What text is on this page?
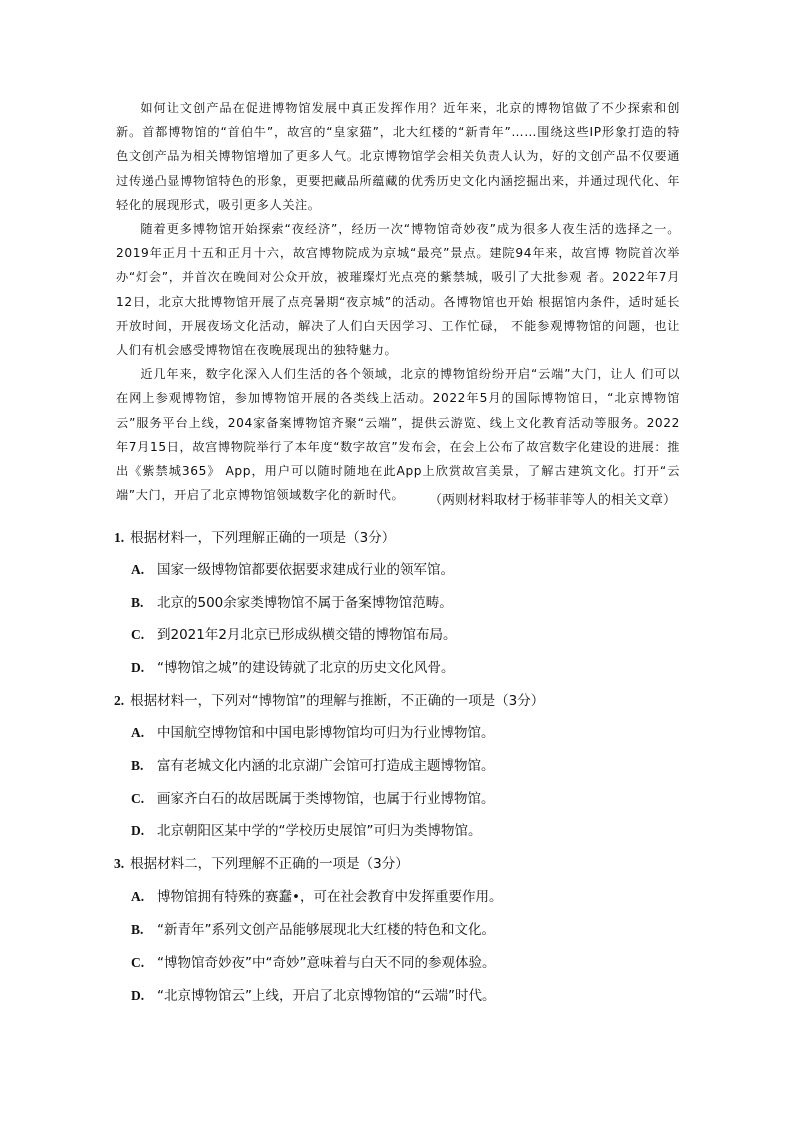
如何让文创产品在促进博物馆发展中真正发挥作用？近年来，北京的博物馆做了不少探索和创新。首都博物馆的“首伯牛”，故宫的“皇家猫”，北大红楼的“新青年”……围绕这些IP形象打造的特色文创产品为相关博物馆增加了更多人气。北京博物馆学会相关负责人认为，好的文创产品不仅要通过传递凸显博物馆特色的形象，更要把藏品所蕴藏的优秀历史文化内涵挖掘出来，并通过现代化、年轻化的展现形式，吸引更多人关注。

随着更多博物馆开始探索“夜经济”，经历一次“博物馆奇妙夜”成为很多人夜生活的选择之一。2019年正月十五和正月十六，故宫博物院成为京城“最亮”景点。建院94年来，故宫博 物院首次举办“灯会”，并首次在晚间对公众开放，被璀璨灯光点亮的紫禁城，吸引了大批参观 者。2022年7月12日，北京大批博物馆开展了点亮暑期“夜京城”的活动。各博物馆也开始 根据馆内条件，适时延长开放时间，开展夜场文化活动，解决了人们白天因学习、工作忙碌， 不能参观博物馆的问题，也让人们有机会感受博物馆在夜晚展现出的独特魅力。

近几年来，数字化深入人们生活的各个领域，北京的博物馆纷纷开启“云端”大门，让人 们可以在网上参观博物馆，参加博物馆开展的各类线上活动。2022年5月的国际博物馆日，“北京博物馆云”服务平台上线，204家备案博物馆齐聚“云端”，提供云游览、线上文化教育活动等服务。2022年7月15日，故宫博物院举行了本年度“数字故宫”发布会，在会上公布了故宫数字化建设的进展：推出《紫禁城365》 App，用户可以随时随地在此App上欣赏故宫美景，了解古建筑文化。打开“云端”大门，开启了北京博物馆领域数字化的新时代。	（两则材料取材于杨菲菲等人的相关文章）
1. 根据材料一，下列理解正确的一项是（3分）
A. 国家一级博物馆都要依据要求建成行业的领军馆。
B. 北京的500余家类博物馆不属于备案博物馆范畴。
C. 到2021年2月北京已形成纵横交错的博物馆布局。
D. “博物馆之城”的建设铸就了北京的历史文化风骨。
2. 根据材料一，下列对“博物馆”的理解与推断，不正确的一项是（3分）
A. 中国航空博物馆和中国电影博物馆均可归为行业博物馆。
B. 富有老城文化内涵的北京湖广会馆可打造成主题博物馆。
C. 画家齐白石的故居既属于类博物馆，也属于行业博物馆。
D. 北京朝阳区某中学的“学校历史展馆”可归为类博物馆。
3. 根据材料二，下列理解不正确的一项是（3分）
A. 博物馆拥有特殊的赛蠢•，可在社会教育中发挥重要作用。
B. “新青年”系列文创产品能够展现北大红楼的特色和文化。
C. “博物馆奇妙夜”中“奇妙”意味着与白天不同的参观体验。
D. “北京博物馆云”上线，开启了北京博物馆的“云端”时代。
